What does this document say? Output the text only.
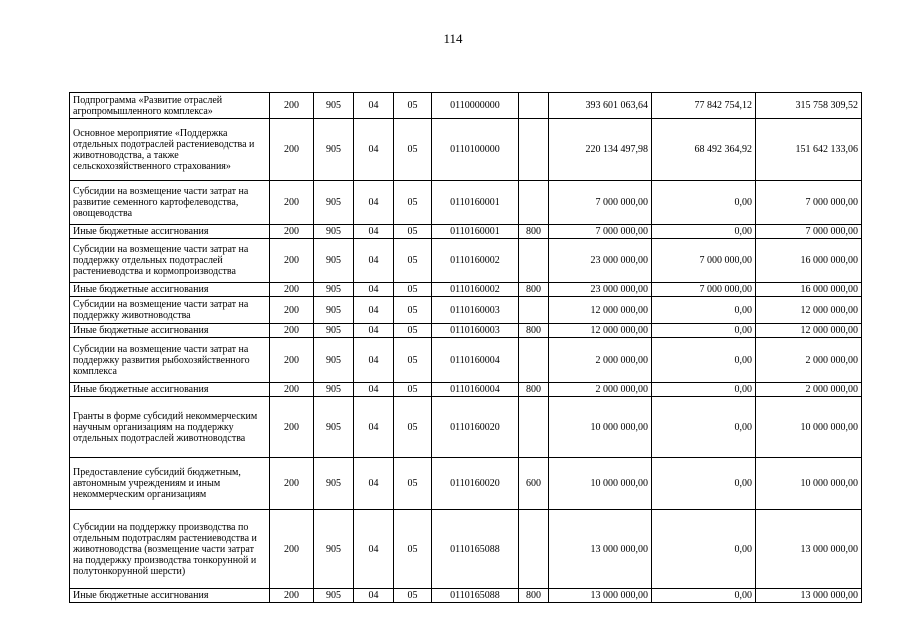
114
Подпрограмма «Развитие отраслей агропромышленного комплекса»	200	905	04	05	0110000000		393 601 063,64	77 842 754,12	315 758 309,52
Основное мероприятие «Поддержка отдельных подотраслей растениеводства и животноводства, а также сельскохозяйственного страхования»	200	905	04	05	0110100000		220 134 497,98	68 492 364,92	151 642 133,06
Субсидии на возмещение части затрат на развитие семенного картофелеводства, овощеводства	200	905	04	05	0110160001		7 000 000,00	0,00	7 000 000,00
Иные бюджетные ассигнования	200	905	04	05	0110160001	800	7 000 000,00	0,00	7 000 000,00
Субсидии на возмещение части затрат на поддержку отдельных подотраслей растениеводства и кормопроизводства	200	905	04	05	0110160002		23 000 000,00	7 000 000,00	16 000 000,00
Иные бюджетные ассигнования	200	905	04	05	0110160002	800	23 000 000,00	7 000 000,00	16 000 000,00
Субсидии на возмещение части затрат на поддержку животноводства	200	905	04	05	0110160003		12 000 000,00	0,00	12 000 000,00
Иные бюджетные ассигнования	200	905	04	05	0110160003	800	12 000 000,00	0,00	12 000 000,00
Субсидии на возмещение части затрат на поддержку развития рыбохозяйственного комплекса	200	905	04	05	0110160004		2 000 000,00	0,00	2 000 000,00
Иные бюджетные ассигнования	200	905	04	05	0110160004	800	2 000 000,00	0,00	2 000 000,00
Гранты в форме субсидий некоммерческим научным организациям на поддержку отдельных подотраслей животноводства	200	905	04	05	0110160020		10 000 000,00	0,00	10 000 000,00
Предоставление субсидий бюджетным, автономным учреждениям и иным некоммерческим организациям	200	905	04	05	0110160020	600	10 000 000,00	0,00	10 000 000,00
Субсидии на поддержку производства по отдельным подотраслям растениеводства и животноводства (возмещение части затрат на поддержку производства тонкорунной и полутонкорунной шерсти)	200	905	04	05	0110165088		13 000 000,00	0,00	13 000 000,00
Иные бюджетные ассигнования	200	905	04	05	0110165088	800	13 000 000,00	0,00	13 000 000,00
